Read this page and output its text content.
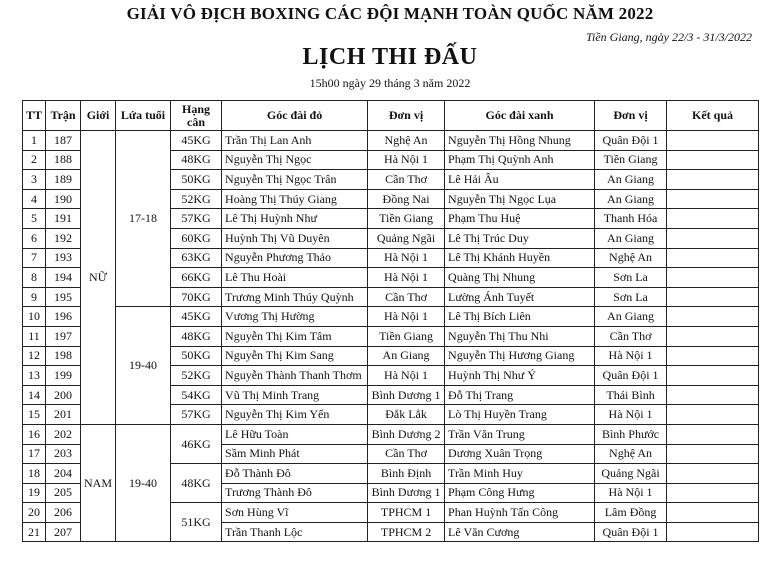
GIẢI VÔ ĐỊCH BOXING CÁC ĐỘI MẠNH TOÀN QUỐC NĂM 2022
Tiền Giang, ngày 22/3 - 31/3/2022
LỊCH THI ĐẤU
15h00 ngày 29 tháng 3 năm 2022
TT	Trận	Giới	Lứa tuổi	Hạng cân	Góc đài đỏ	Đơn vị	Góc đài xanh	Đơn vị	Kết quả
1	187	NỮ	17-18	45KG	Trần Thị Lan Anh	Nghệ An	Nguyễn Thị Hồng Nhung	Quân Đội 1	
2	188			48KG	Nguyễn Thị Ngọc	Hà Nội 1	Phạm Thị Quỳnh Anh	Tiền Giang	
3	189			50KG	Nguyễn Thị Ngọc Trân	Cần Thơ	Lê Hải Âu	An Giang	
4	190			52KG	Hoàng Thị Thúy Giang	Đồng Nai	Nguyễn Thị Ngọc Lụa	An Giang	
5	191			57KG	Lê Thị Huỳnh Như	Tiền Giang	Phạm Thu Huệ	Thanh Hóa	
6	192			60KG	Huỳnh Thị Vũ Duyên	Quảng Ngãi	Lê Thị Trúc Duy	An Giang	
7	193			63KG	Nguyễn Phương Thảo	Hà Nội 1	Lê Thị Khánh Huyền	Nghệ An	
8	194			66KG	Lê Thu Hoài	Hà Nội 1	Quàng Thị Nhung	Sơn La	
9	195			70KG	Trương Minh Thúy Quỳnh	Cần Thơ	Lường Ánh Tuyết	Sơn La	
10	196		19-40	45KG	Vương Thị Hường	Hà Nội 1	Lê Thị Bích Liên	An Giang	
11	197			48KG	Nguyễn Thị Kim Tâm	Tiền Giang	Nguyễn Thị Thu Nhi	Cần Thơ	
12	198			50KG	Nguyễn Thị Kim Sang	An Giang	Nguyễn Thị Hương Giang	Hà Nội 1	
13	199			52KG	Nguyễn Thành Thanh Thơm	Hà Nội 1	Huỳnh Thị Như Ý	Quân Đội 1	
14	200			54KG	Vũ Thị Minh Trang	Bình Dương 1	Đỗ Thị Trang	Thái Bình	
15	201			57KG	Nguyễn Thị Kim Yến	Đắk Lắk	Lò Thị Huyền Trang	Hà Nội 1	
16	202	NAM	19-40	46KG	Lê Hữu Toàn	Bình Dương 2	Trần Văn Trung	Bình Phước	
17	203				Sầm Minh Phát	Cần Thơ	Dương Xuân Trọng	Nghệ An	
18	204			48KG	Đỗ Thành Đô	Bình Định	Trần Minh Huy	Quảng Ngãi	
19	205				Trương Thành Đô	Bình Dương 1	Phạm Công Hưng	Hà Nội 1	
20	206			51KG	Sơn Hùng Vĩ	TPHCM 1	Phan Huỳnh Tấn Công	Lâm Đồng	
21	207				Trần Thanh Lộc	TPHCM 2	Lê Văn Cương	Quân Đội 1	
